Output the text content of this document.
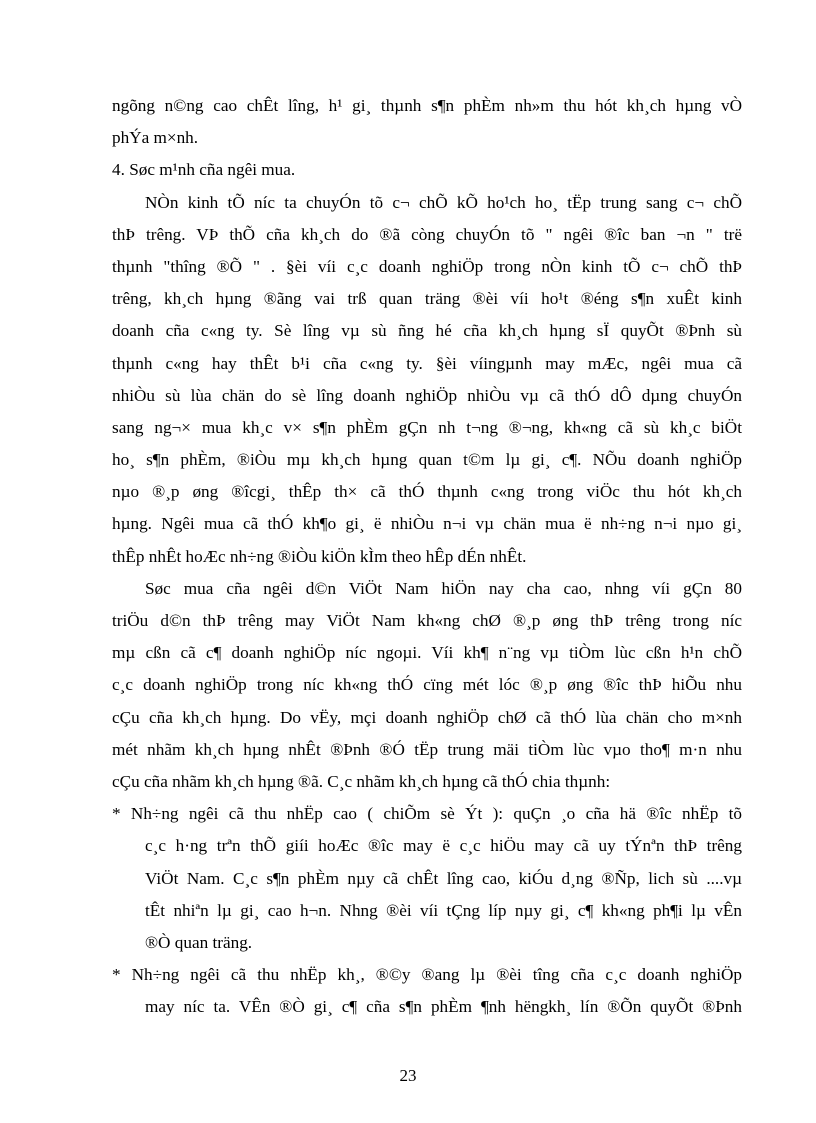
ngõng n©ng cao chÊt lîng, h¹ gi¸ thµnh s¶n phÈm nh»m thu hót kh¸ch hµng vÒ
phÝa m×nh.
4. Søc m¹nh cña ngêi mua.
NÒn kinh tÕ níc ta chuyÓn tõ c¬ chÕ kÕ ho¹ch ho¸ tËp trung sang c¬ chÕ
thÞ trêng. VÞ thÕ cña kh¸ch do ®ã còng chuyÓn tõ " ngêi ®îc ban ¬n " trë
thµnh "thîng ®Õ " . §èi víi c¸c doanh nghiÖp trong nÒn kinh tÕ c¬ chÕ thÞ
trêng, kh¸ch hµng ®ãng vai trß quan träng ®èi víi ho¹t ®éng s¶n xuÊt kinh
doanh cña c«ng ty. Sè lîng vµ sù ñng hé cña kh¸ch hµng sÏ quyÕt ®Þnh sù
thµnh c«ng hay thÊt b¹i cña c«ng ty. §èi víingµnh may mÆc, ngêi mua cã
nhiÒu sù lùa chän do sè lîng doanh nghiÖp nhiÒu vµ cã thÓ dÔ dµng chuyÓn
sang ng¬× mua kh¸c v× s¶n phÈm gÇn nh t¬ng ®¬ng, kh«ng cã sù kh¸c biÖt
ho¸ s¶n phÈm, ®iÒu mµ kh¸ch hµng quan t©m lµ gi¸ c¶. NÕu doanh nghiÖp
nµo ®¸p øng ®îcgi¸ thÊp th× cã thÓ thµnh c«ng trong viÖc thu hót kh¸ch
hµng. Ngêi mua cã thÓ kh¶o gi¸ ë nhiÒu n¬i vµ chän mua ë nh÷ng n¬i nµo gi¸
thÊp nhÊt hoÆc nh÷ng ®iÒu kiÖn kÌm theo hÊp dÉn nhÊt.
Søc mua cña ngêi d©n ViÖt Nam hiÖn nay cha cao, nhng víi gÇn 80
triÖu d©n thÞ trêng may ViÖt Nam kh«ng chØ ®¸p øng thÞ trêng trong níc
mµ cßn cã c¶ doanh nghiÖp níc ngoµi. Víi kh¶ n¨ng vµ tiÒm lùc cßn h¹n chÕ
c¸c doanh nghiÖp trong níc kh«ng thÓ cïng mét lóc ®¸p øng ®îc thÞ hiÕu nhu
cÇu cña kh¸ch hµng. Do vËy, mçi doanh nghiÖp chØ cã thÓ lùa chän cho m×nh
mét nhãm kh¸ch hµng nhÊt ®Þnh ®Ó tËp trung mäi tiÒm lùc vµo tho¶ m·n nhu
cÇu cña nhãm kh¸ch hµng ®ã. C¸c nhãm kh¸ch hµng cã thÓ chia thµnh:
* Nh÷ng ngêi cã thu nhËp cao ( chiÕm sè Ýt ): quÇn ¸o cña hä ®îc nhËp tõ
c¸c h·ng trªn thÕ giíi hoÆc ®îc may ë c¸c hiÖu may cã uy tÝnªn thÞ trêng
ViÖt Nam. C¸c s¶n phÈm nµy cã chÊt lîng cao, kiÓu d¸ng ®Ñp, lich sù ....vµ
tÊt nhiªn lµ gi¸ cao h¬n. Nhng ®èi víi tÇng líp nµy gi¸ c¶ kh«ng ph¶i lµ vÊn
®Ò quan träng.
* Nh÷ng ngêi cã thu nhËp kh¸, ®©y ®ang lµ ®èi tîng cña c¸c doanh nghiÖp
may níc ta. VÊn ®Ò gi¸ c¶ cña s¶n phÈm ¶nh hëngkh¸ lín ®Õn quyÕt ®Þnh
23
